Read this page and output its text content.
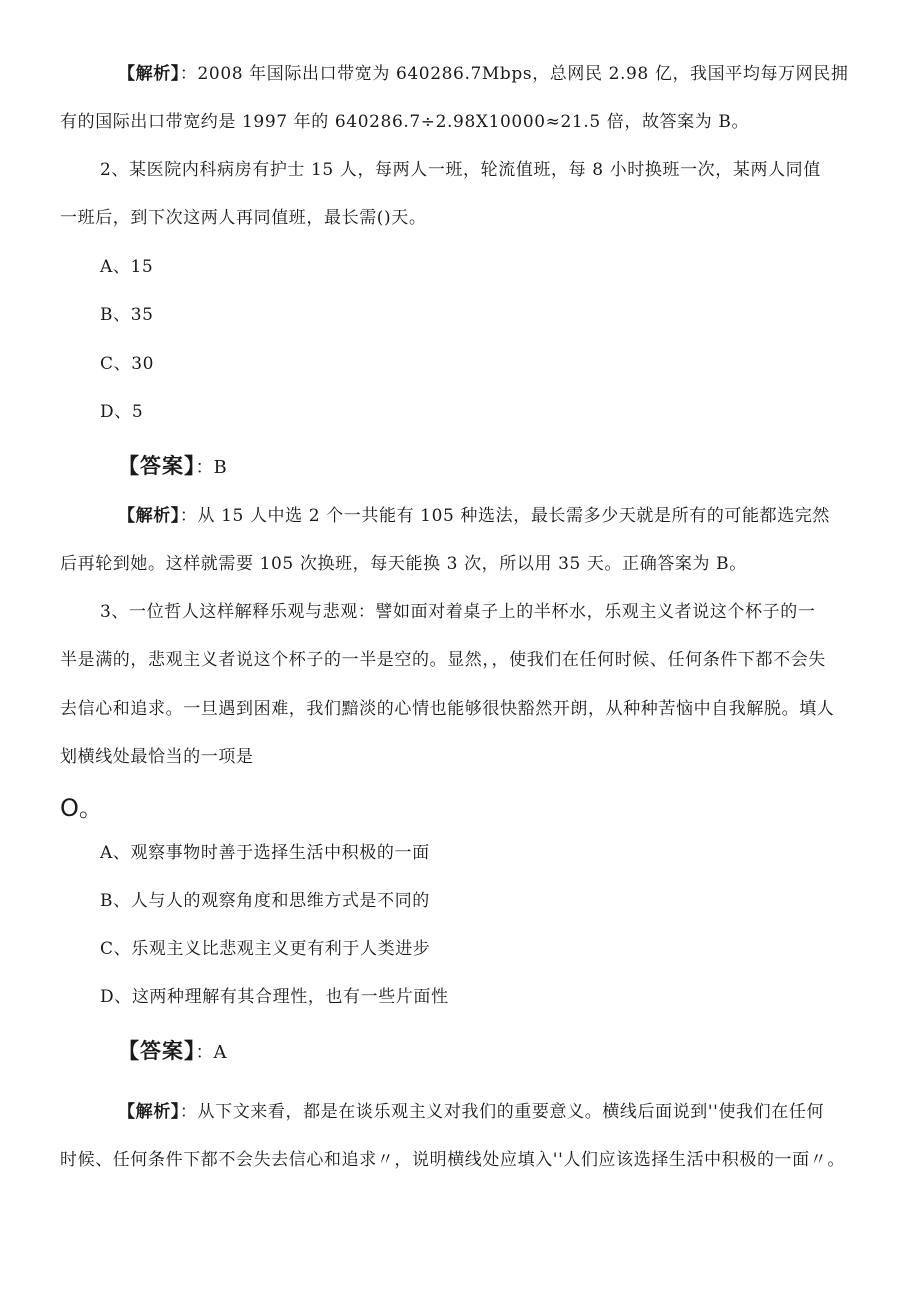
【解析】：2008 年国际出口带宽为 640286.7Mbps，总网民 2.98 亿，我国平均每万网民拥
有的国际出口带宽约是 1997 年的 640286.7÷2.98X10000≈21.5 倍，故答案为 B。
2、某医院内科病房有护士 15 人，每两人一班，轮流值班，每 8 小时换班一次，某两人同值
一班后，到下次这两人再同值班，最长需()天。
A、15
B、35
C、30
D、5
【答案】：B
【解析】：从 15 人中选 2 个一共能有 105 种选法，最长需多少天就是所有的可能都选完然
后再轮到她。这样就需要 105 次换班，每天能换 3 次，所以用 35 天。正确答案为 B。
3、一位哲人这样解释乐观与悲观：譬如面对着桌子上的半杯水，乐观主义者说这个杯子的一
半是满的，悲观主义者说这个杯子的一半是空的。显然，，使我们在任何时候、任何条件下都不会失
去信心和追求。一旦遇到困难，我们黯淡的心情也能够很快豁然开朗，从种种苦恼中自我解脱。填人
划横线处最恰当的一项是
O。
A、观察事物时善于选择生活中积极的一面
B、人与人的观察角度和思维方式是不同的
C、乐观主义比悲观主义更有利于人类进步
D、这两种理解有其合理性，也有一些片面性
【答案】：A
【解析】：从下文来看，都是在谈乐观主义对我们的重要意义。横线后面说到''使我们在任何
时候、任何条件下都不会失去信心和追求〃，说明横线处应填入''人们应该选择生活中积极的一面〃。
